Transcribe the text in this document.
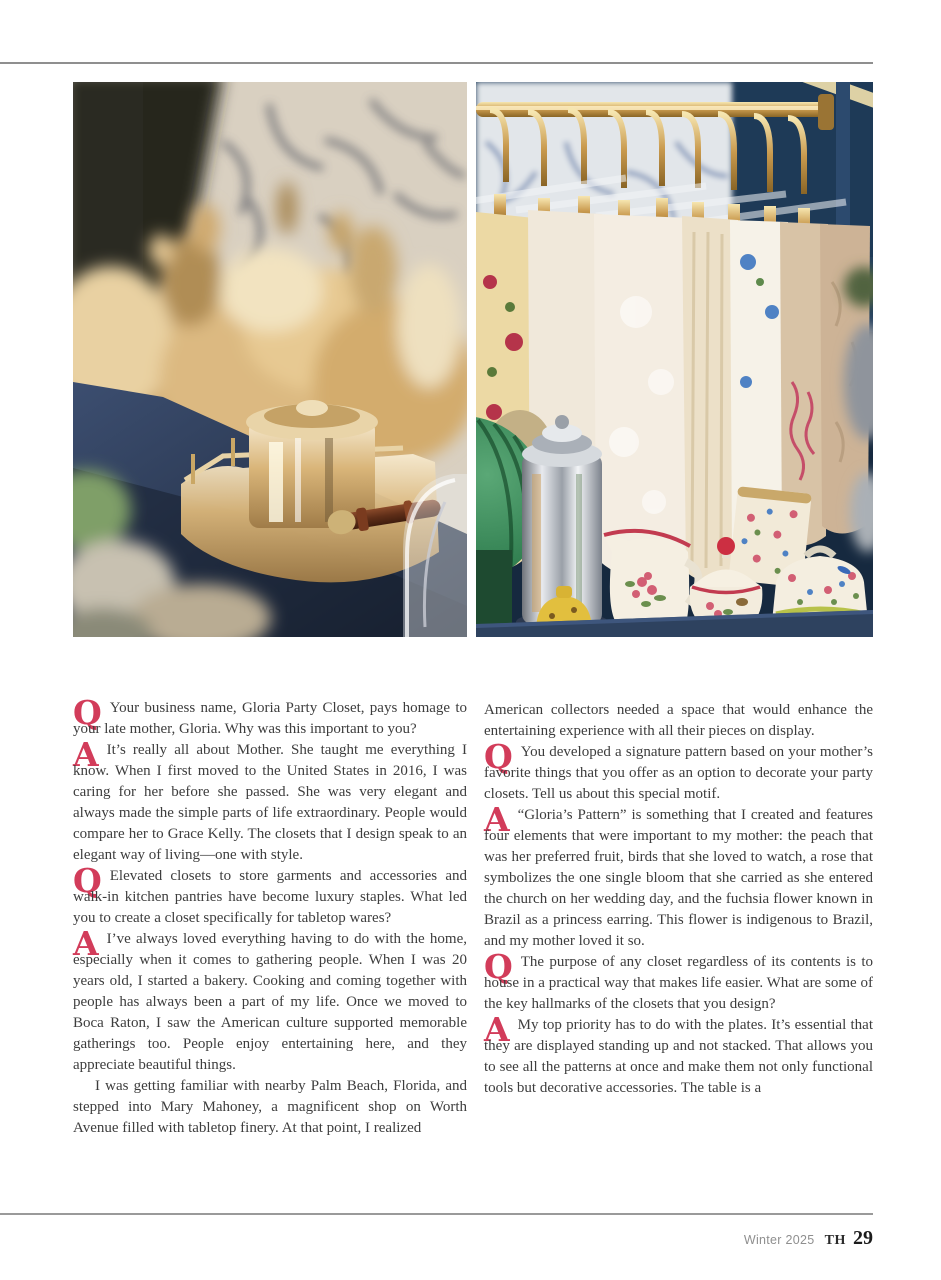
Q Your business name, Gloria Party Closet, pays homage to your late mother, Gloria. Why was this important to you?

A It’s really all about Mother. She taught me everything I know. When I first moved to the United States in 2016, I was caring for her before she passed. She was very elegant and always made the simple parts of life extraordinary. People would compare her to Grace Kelly. The closets that I design speak to an elegant way of living—one with style.

Q Elevated closets to store garments and accessories and walk-in kitchen pantries have become luxury staples. What led you to create a closet specifically for tabletop wares?

A I’ve always loved everything having to do with the home, especially when it comes to gathering people. When I was 20 years old, I started a bakery. Cooking and coming together with people has always been a part of my life. Once we moved to Boca Raton, I saw the American culture supported memorable gatherings too. People enjoy entertaining here, and they appreciate beautiful things.

I was getting familiar with nearby Palm Beach, Florida, and stepped into Mary Mahoney, a magnificent shop on Worth Avenue filled with tabletop finery. At that point, I realized

American collectors needed a space that would enhance the entertaining experience with all their pieces on display.

Q You developed a signature pattern based on your mother’s favorite things that you offer as an option to decorate your party closets. Tell us about this special motif.

A “Gloria’s Pattern” is something that I created and features four elements that were important to my mother: the peach that was her preferred fruit, birds that she loved to watch, a rose that symbolizes the one single bloom that she carried as she entered the church on her wedding day, and the fuchsia flower known in Brazil as a princess earring. This flower is indigenous to Brazil, and my mother loved it so.

Q The purpose of any closet regardless of its contents is to house in a practical way that makes life easier. What are some of the key hallmarks of the closets that you design?

A My top priority has to do with the plates. It’s essential that they are displayed standing up and not stacked. That allows you to see all the patterns at once and make them not only functional tools but decorative accessories. The table is a

Winter 2025 TH 29
